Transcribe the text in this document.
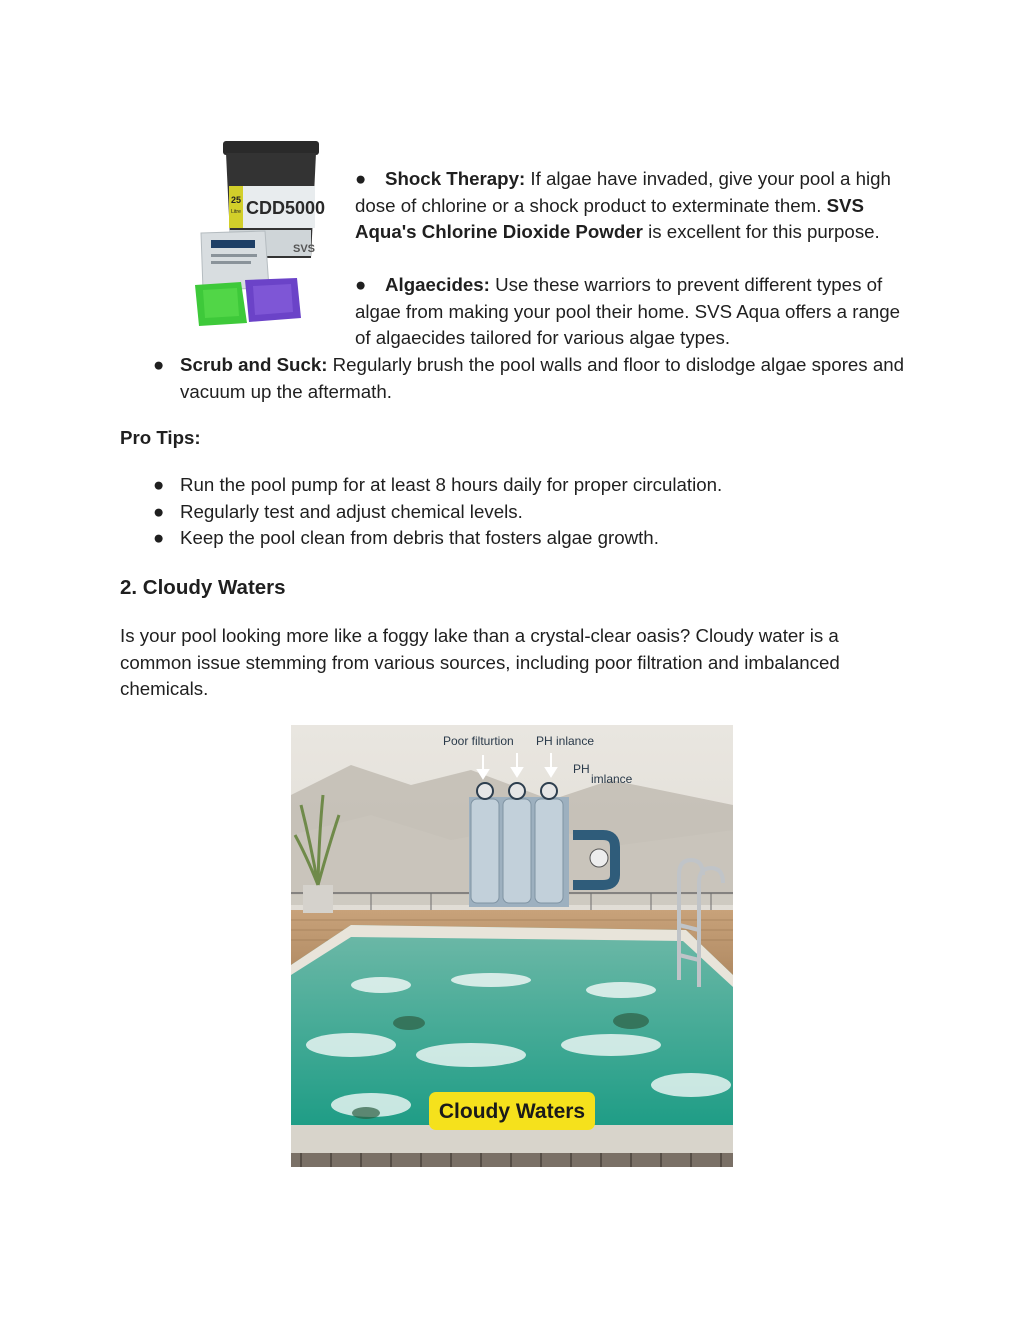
25
Litre CDD5000
SVS

● Shock Therapy: If algae have invaded, give your pool a high dose of chlorine or a shock product to exterminate them. SVS Aqua's Chlorine Dioxide Powder is excellent for this purpose.

● Algaecides: Use these warriors to prevent different types of algae from making your pool their home. SVS Aqua offers a range of algaecides tailored for various algae types.

● Scrub and Suck: Regularly brush the pool walls and floor to dislodge algae spores and vacuum up the aftermath.
Pro Tips:
● Run the pool pump for at least 8 hours daily for proper circulation.
● Regularly test and adjust chemical levels.
● Keep the pool clean from debris that fosters algae growth.
2. Cloudy Waters

Is your pool looking more like a foggy lake than a crystal-clear oasis? Cloudy water is a common issue stemming from various sources, including poor filtration and imbalanced chemicals.

Poor filturtion PH inlance
PH
imlance
Cloudy Waters
